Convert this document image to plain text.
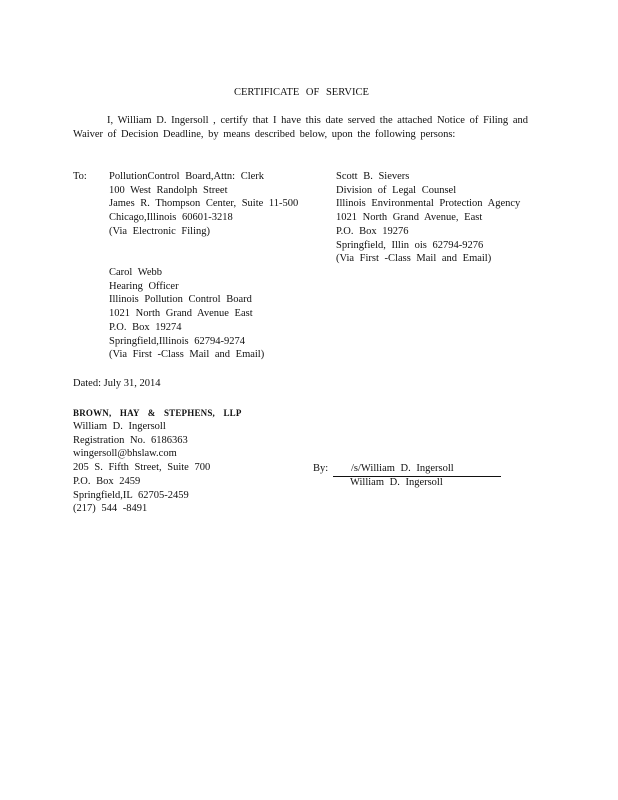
CERTIFICATE OF SERVICE
I, William D. Ingersoll , certify that I have this date served the attached Notice of Filing and Waiver of Decision Deadline, by means described below, upon the following persons:
To: PollutionControl Board,Attn: Clerk
100 West Randolph Street
James R. Thompson Center, Suite 11-500
Chicago,Illinois 60601-3218
(Via Electronic Filing)
Scott B. Sievers
Division of Legal Counsel
Illinois Environmental Protection Agency
1021 North Grand Avenue, East
P.O. Box 19276
Springfield, Illin ois 62794-9276
(Via First -Class Mail and Email)
Carol Webb
Hearing Officer
Illinois Pollution Control Board
1021 North Grand Avenue East
P.O. Box 19274
Springfield,Illinois 62794-9274
(Via First -Class Mail and Email)
Dated: July 31, 2014
BROWN, HAY & STEPHENS, LLP
William D. Ingersoll
Registration No. 6186363
wingersoll@bhslaw.com
205 S. Fifth Street, Suite 700
P.O. Box 2459
Springfield,IL 62705-2459
(217) 544 -8491
By:	/s/William D. Ingersoll
William D. Ingersoll
